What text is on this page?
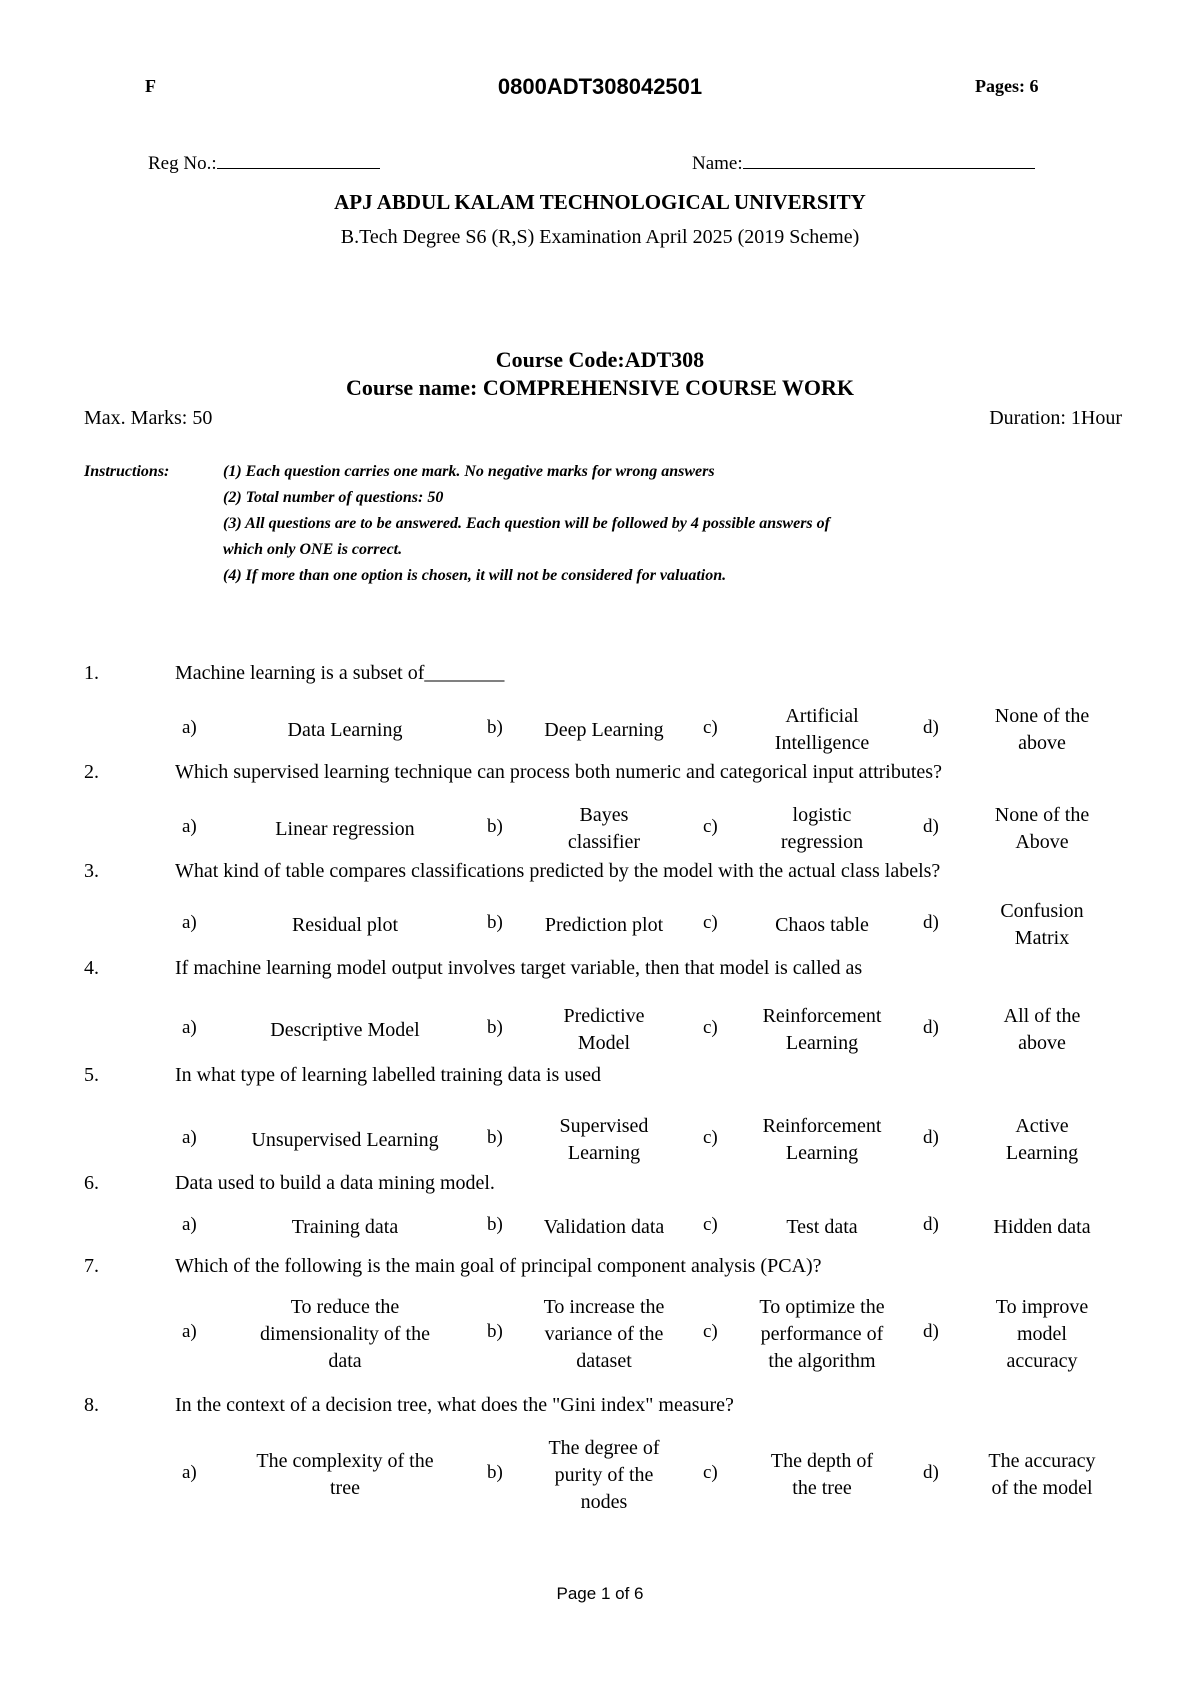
F	0800ADT308042501	Pages: 6
Reg No.:	Name:
APJ ABDUL KALAM TECHNOLOGICAL UNIVERSITY
B.Tech Degree S6 (R,S) Examination April 2025 (2019 Scheme)
Course Code:ADT308
Course name: COMPREHENSIVE COURSE WORK
Max. Marks: 50	Duration: 1Hour
Instructions:	(1) Each question carries one mark. No negative marks for wrong answers
(2) Total number of questions: 50
(3) All questions are to be answered. Each question will be followed by 4 possible answers of
which only ONE is correct.
(4) If more than one option is chosen, it will not be considered for valuation.
1.	Machine learning is a subset of________
a)	Data Learning	b)	Deep Learning	c)
Artificial
Intelligence
d)
None of the
above
2.	Which supervised learning technique can process both numeric and categorical input attributes?
a)	Linear regression	b)
Bayes
classifier
c)
logistic
regression
d)
None of the
Above
3.	What kind of table compares classifications predicted by the model with the actual class labels?
a)	Residual plot	b)	Prediction plot	c)	Chaos table	d)
Confusion
Matrix
4.	If machine learning model output involves target variable, then that model is called as
a)	Descriptive Model	b)
Predictive
Model
c)
Reinforcement
Learning
d)
All of the
above
5.	In what type of learning labelled training data is used
a)	Unsupervised Learning	b)
Supervised
Learning
c)
Reinforcement
Learning
d)
Active
Learning
6.	Data used to build a data mining model.
a)	Training data	b)	Validation data	c)	Test data	d)	Hidden data
7.	Which of the following is the main goal of principal component analysis (PCA)?
a)
To reduce the
dimensionality of the
data
b)
To increase the
variance of the
dataset
c)
To optimize the
performance of
the algorithm
d)
To improve
model
accuracy
8.	In the context of a decision tree, what does the "Gini index" measure?
a)
The complexity of the
tree
b)
The degree of
purity of the
nodes
c)
The depth of
the tree
d)
The accuracy
of the model
Page 1 of 6
